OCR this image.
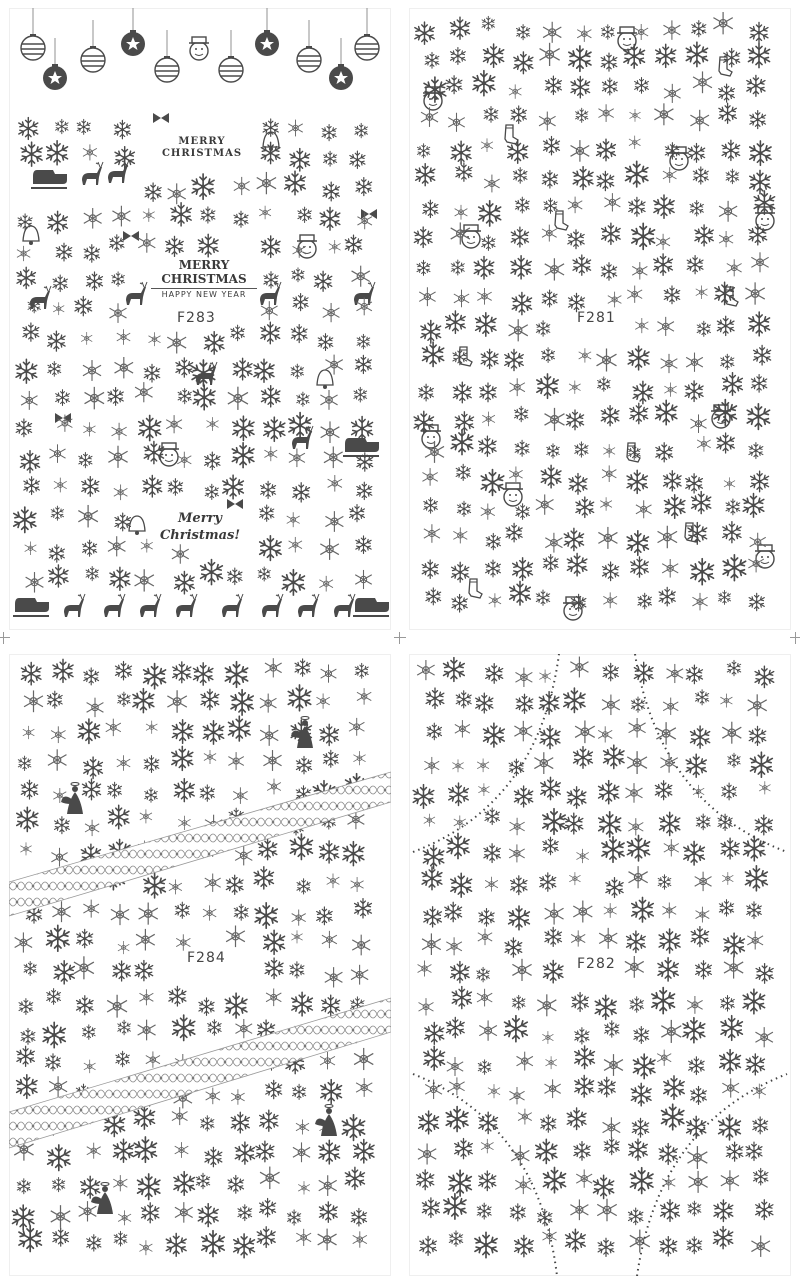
MERRY CHRISTMAS
MERRY CHRISTMAS
HAPPY NEW YEAR
F283
Merry
Christmas!
F281
F284	F282
